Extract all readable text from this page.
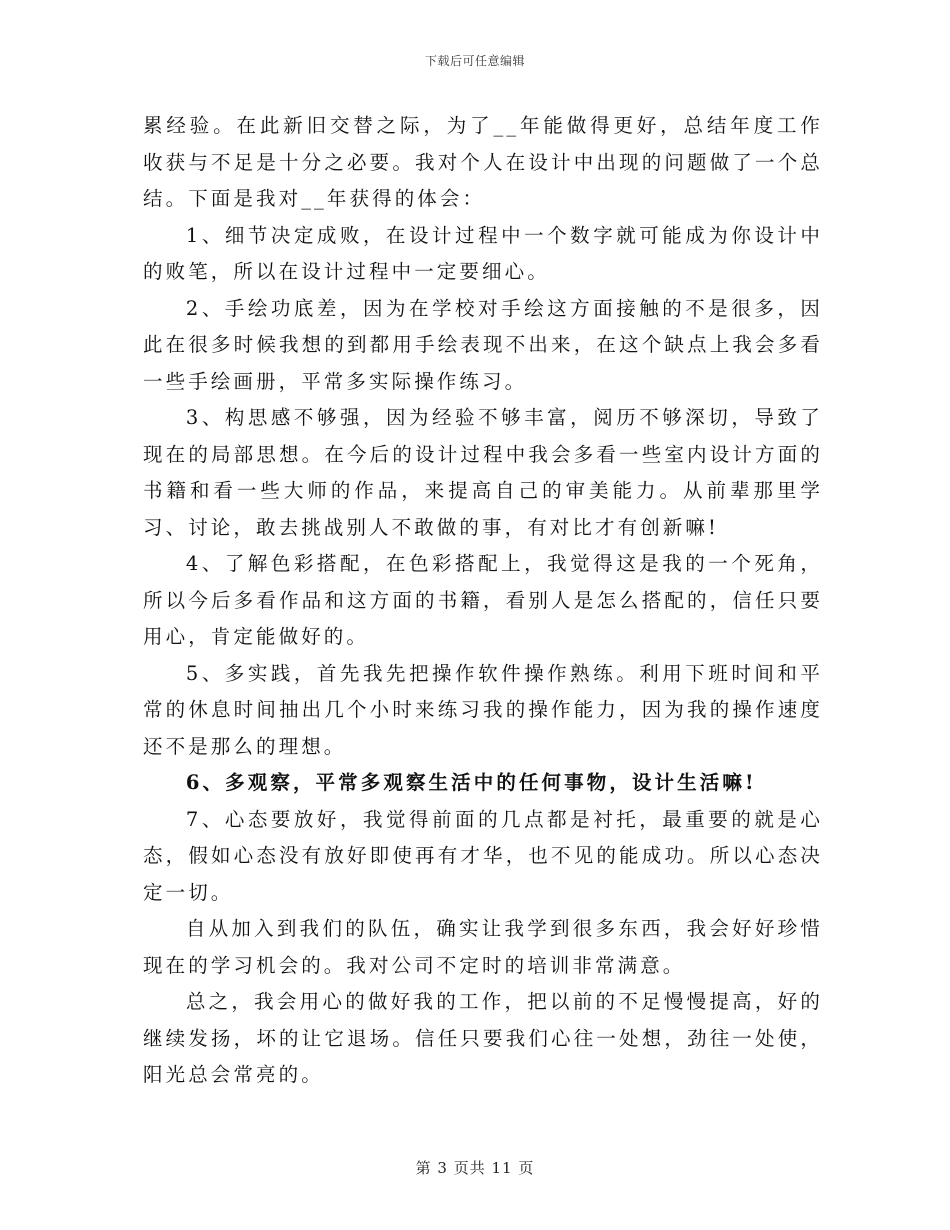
下载后可任意编辑

累经验。在此新旧交替之际，为了__年能做得更好，总结年度工作收获与不足是十分之必要。我对个人在设计中出现的问题做了一个总结。下面是我对__年获得的体会：

1、细节决定成败，在设计过程中一个数字就可能成为你设计中的败笔，所以在设计过程中一定要细心。

2、手绘功底差，因为在学校对手绘这方面接触的不是很多，因此在很多时候我想的到都用手绘表现不出来，在这个缺点上我会多看一些手绘画册，平常多实际操作练习。

3、构思感不够强，因为经验不够丰富，阅历不够深切，导致了现在的局部思想。在今后的设计过程中我会多看一些室内设计方面的书籍和看一些大师的作品，来提高自己的审美能力。从前辈那里学习、讨论，敢去挑战别人不敢做的事，有对比才有创新嘛!

4、了解色彩搭配，在色彩搭配上，我觉得这是我的一个死角，所以今后多看作品和这方面的书籍，看别人是怎么搭配的，信任只要用心，肯定能做好的。

5、多实践，首先我先把操作软件操作熟练。利用下班时间和平常的休息时间抽出几个小时来练习我的操作能力，因为我的操作速度还不是那么的理想。

6、多观察，平常多观察生活中的任何事物，设计生活嘛!

7、心态要放好，我觉得前面的几点都是衬托，最重要的就是心态，假如心态没有放好即使再有才华，也不见的能成功。所以心态决定一切。

自从加入到我们的队伍，确实让我学到很多东西，我会好好珍惜现在的学习机会的。我对公司不定时的培训非常满意。

总之，我会用心的做好我的工作，把以前的不足慢慢提高，好的继续发扬，坏的让它退场。信任只要我们心往一处想，劲往一处使，阳光总会常亮的。

第 3 页共 11 页
